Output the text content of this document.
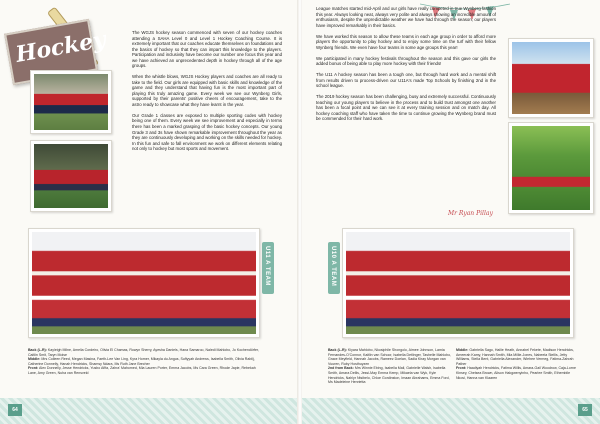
Hockey	The WGJS hockey season commenced with seven of our hockey coaches attending a SAHA Level 0 and Level 1 Hockey Coaching Course. It is extremely important that our coaches educate themselves on foundations and the basics of hockey so that they can impart this knowledge to the players. Participation and inclusivity have become our number one focus this year and we have achieved an unprecedented depth in hockey through all of the age groups.

When the whistle blows, WGJS Hockey players and coaches are all ready to take to the field. Our girls are equipped with basic skills and knowledge of the game and they understand that having fun is the most important part of playing this truly amazing game. Every week we see our Wynberg Girls, supported by their parents' positive cheers of encouragement, take to the astro ready to showcase what they have learnt in the year.

Our Grade 1 classes are exposed to multiple sporting codes with hockey being one of them. Every week we see improvement and especially in terms there has been a marked grasping of the basic hockey concepts. Our young Grade 3 and 3s have shown remarkable improvement throughout the year as they are continuously developing and working on the skills needed for hockey. In this fun and safe to fall environment we work on different elements relating not only to hockey but most sports and movement.

U11 A TEAM
Back (L-R): Kayleigh Milne, Amelia Cordeiro, Olivia El Chamas, Rowyn Sherry, Ayesha Daniels, Hana Samaroo, Naledi Mahlobo, Jo Kochendörfer, Caitlin Smit, Taryn Moise
Middle: Mrs Colleen Reed, Megan Masina, Faeth-Lee Van Ling, Kyra Horner, Mikayla du Angus, Sufiyyah Andrews, Isabella Smith, Olivia Rabilj, Catherine Donnelly, Hanah Hendricks, Shamsy Ndara, Ms Ruth Jane Brecher
Front: Alex Donnelly, Jesse Hendricks, Yusbo Afifa, Zahra' Mahomed, Mia Lauren Porter, Emma Jacobs, Ms Cara Green, Rhode Japie, Rebekah Lane, Amy Green, Nuha van Rensveld
64

League matches started mid-April and our girls have really competed in true Wynberg fashion this year. Always looking neat, always very polite and always showing an incredible amount of enthusiasm, despite the unpredictable weather we have had through the season; our players have improved remarkably in their basics.

We have worked this season to allow these teams in each age group in order to afford more players the opportunity to play hockey and to enjoy some time on the turf with their fellow Wynberg friends. We even have four teams in some age groups this year!

We participated in many hockey festivals throughout the season and this gave our girls the added bonus of being able to play more hockey with their friends!

The U11 A hockey season has been a tough one, but through hard work and a mental shift from results driven to process-driven our U11A's made Top Schools by finishing 2nd in the school league.

The 2019 hockey season has been challenging, busy and extremely successful. Continuously teaching our young players to believe in the process and to build trust amongst one another has been a focal point and we can see it at every training session and on match day. All hockey coaching staff who have taken the time to continue growing the Wynberg brand must be commended for their hard work.

Mr Ryan Pillay
U10 A TEAM
Back (L-R): Kiyara Mahlobo, Nkosiphile Shongolo, Aimee Johnson, Lamia Fernandes-O'Connor, Kaitlin van Schoor, Isabella Detlinger, Tashelle Mahlobo, Grace Meyfield, Hannah Jacobs, Rameez Doelan, Sadia Kiray Morgan van Vuuren, Ruby Hosthuyzen
2nd from Back: Mrs Winnie Ebing, Isabella Mail, Gabrielle Walsh, Isabella Smith, Amara Dellis, Jessi-May Emma Kemp, Mikaela van Wyk, Kyle Hendricks, Nahlyr Ntsibelo, Chloe Gordinston, Imaan Abrahams, Emma Ford, Ms Madeleine Henrietta
Middle: Gabriella Sago, Hailie Heath, Annabel Fekete, Madison Hendricks, Ameerah Kamy, Hannah Smith, Mia Millie-Jones, Nabeela Stellis, Jetty Williams, Stella Bent, Gabriella Alexander, Wiehee Vermeg, Fatima-Zahrah Pather
Front: Haadiyah Hendricks, Fatima Willis, Amara-Gail Woodrow, Caja-Lorne Kinsey, Chelsea Brown, Alison Hakgwenyinho, Pearlee Smith, Ethembile Nkosi, Hanna van Klaaren
65
